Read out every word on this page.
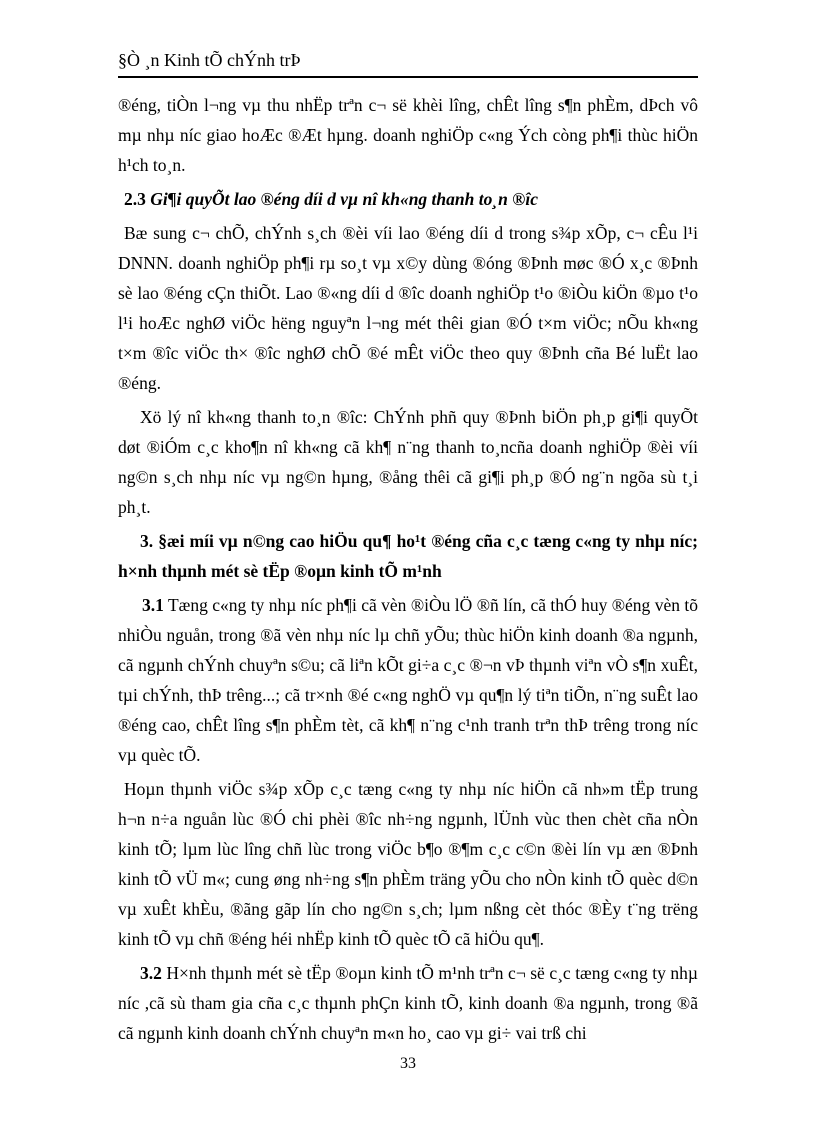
§Ò ¸n Kinh tÕ chÝnh trÞ

®éng, tiÒn l¬ng vµ thu nhËp trªn c¬ së khèi lîng, chÊt lîng s¶n phÈm, dÞch vô mµ nhµ níc giao hoÆc ®Æt hµng. doanh nghiÖp c«ng Ých còng ph¶i thùc hiÖn h¹ch to¸n.

2.3 Gi¶i quyÕt lao ®éng díi d vµ nî kh«ng thanh to¸n ®îc

Bæ sung c¬ chÕ, chÝnh s¸ch ®èi víi lao ®éng díi d trong s¾p xÕp, c¬ cÊu l¹i DNNN. doanh nghiÖp ph¶i rµ so¸t vµ x©y dùng ®óng ®Þnh møc ®Ó x¸c ®Þnh sè lao ®éng cÇn thiÕt. Lao ®«ng díi d ®îc doanh nghiÖp t¹o ®iÒu kiÖn ®µo t¹o l¹i hoÆc nghØ viÖc hëng nguyªn l¬ng mét thêi gian ®Ó t×m viÖc; nÕu kh«ng t×m ®îc viÖc th× ®îc nghØ chÕ ®é mÊt viÖc theo quy ®Þnh cña Bé luËt lao ®éng.

Xö lý nî kh«ng thanh to¸n ®îc: ChÝnh phñ quy ®Þnh biÖn ph¸p gi¶i quyÕt døt ®iÓm c¸c kho¶n nî kh«ng cã kh¶ n¨ng thanh to¸ncña doanh nghiÖp ®èi víi ng©n s¸ch nhµ níc vµ ng©n hµng, ®ång thêi cã gi¶i ph¸p ®Ó ng¨n ngõa sù t¸i ph¸t.

3. §æi míi vµ n©ng cao hiÖu qu¶ ho¹t ®éng cña c¸c tæng c«ng ty nhµ níc; h×nh thµnh mét sè tËp ®oµn kinh tÕ m¹nh

3.1 Tæng c«ng ty nhµ níc ph¶i cã vèn ®iÒu lÖ ®ñ lín, cã thÓ huy ®éng vèn tõ nhiÒu nguån, trong ®ã vèn nhµ níc lµ chñ yÕu; thùc hiÖn kinh doanh ®a ngµnh, cã ngµnh chÝnh chuyªn s©u; cã liªn kÕt gi÷a c¸c ®¬n vÞ thµnh viªn vÒ s¶n xuÊt, tµi chÝnh, thÞ trêng...; cã tr×nh ®é c«ng nghÖ vµ qu¶n lý tiªn tiÕn, n¨ng suÊt lao ®éng cao, chÊt lîng s¶n phÈm tèt, cã kh¶ n¨ng c¹nh tranh trªn thÞ trêng trong níc vµ quèc tÕ.

Hoµn thµnh viÖc s¾p xÕp c¸c tæng c«ng ty nhµ níc hiÖn cã nh»m tËp trung h¬n n÷a nguån lùc ®Ó chi phèi ®îc nh÷ng ngµnh, lÜnh vùc then chèt cña nÒn kinh tÕ; lµm lùc lîng chñ lùc trong viÖc b¶o ®¶m c¸c c©n ®èi lín vµ æn ®Þnh kinh tÕ vÜ m«; cung øng nh÷ng s¶n phÈm träng yÕu cho nÒn kinh tÕ quèc d©n vµ xuÊt khÈu, ®ãng gãp lín cho ng©n s¸ch; lµm nßng cèt thóc ®Èy t¨ng trëng kinh tÕ vµ chñ ®éng héi nhËp kinh tÕ quèc tÕ cã hiÖu qu¶.

3.2 H×nh thµnh mét sè tËp ®oµn kinh tÕ m¹nh trªn c¬ së c¸c tæng c«ng ty nhµ níc ,cã sù tham gia cña c¸c thµnh phÇn kinh tÕ, kinh doanh ®a ngµnh, trong ®ã cã ngµnh kinh doanh chÝnh chuyªn m«n ho¸ cao vµ gi÷ vai trß chi

33
